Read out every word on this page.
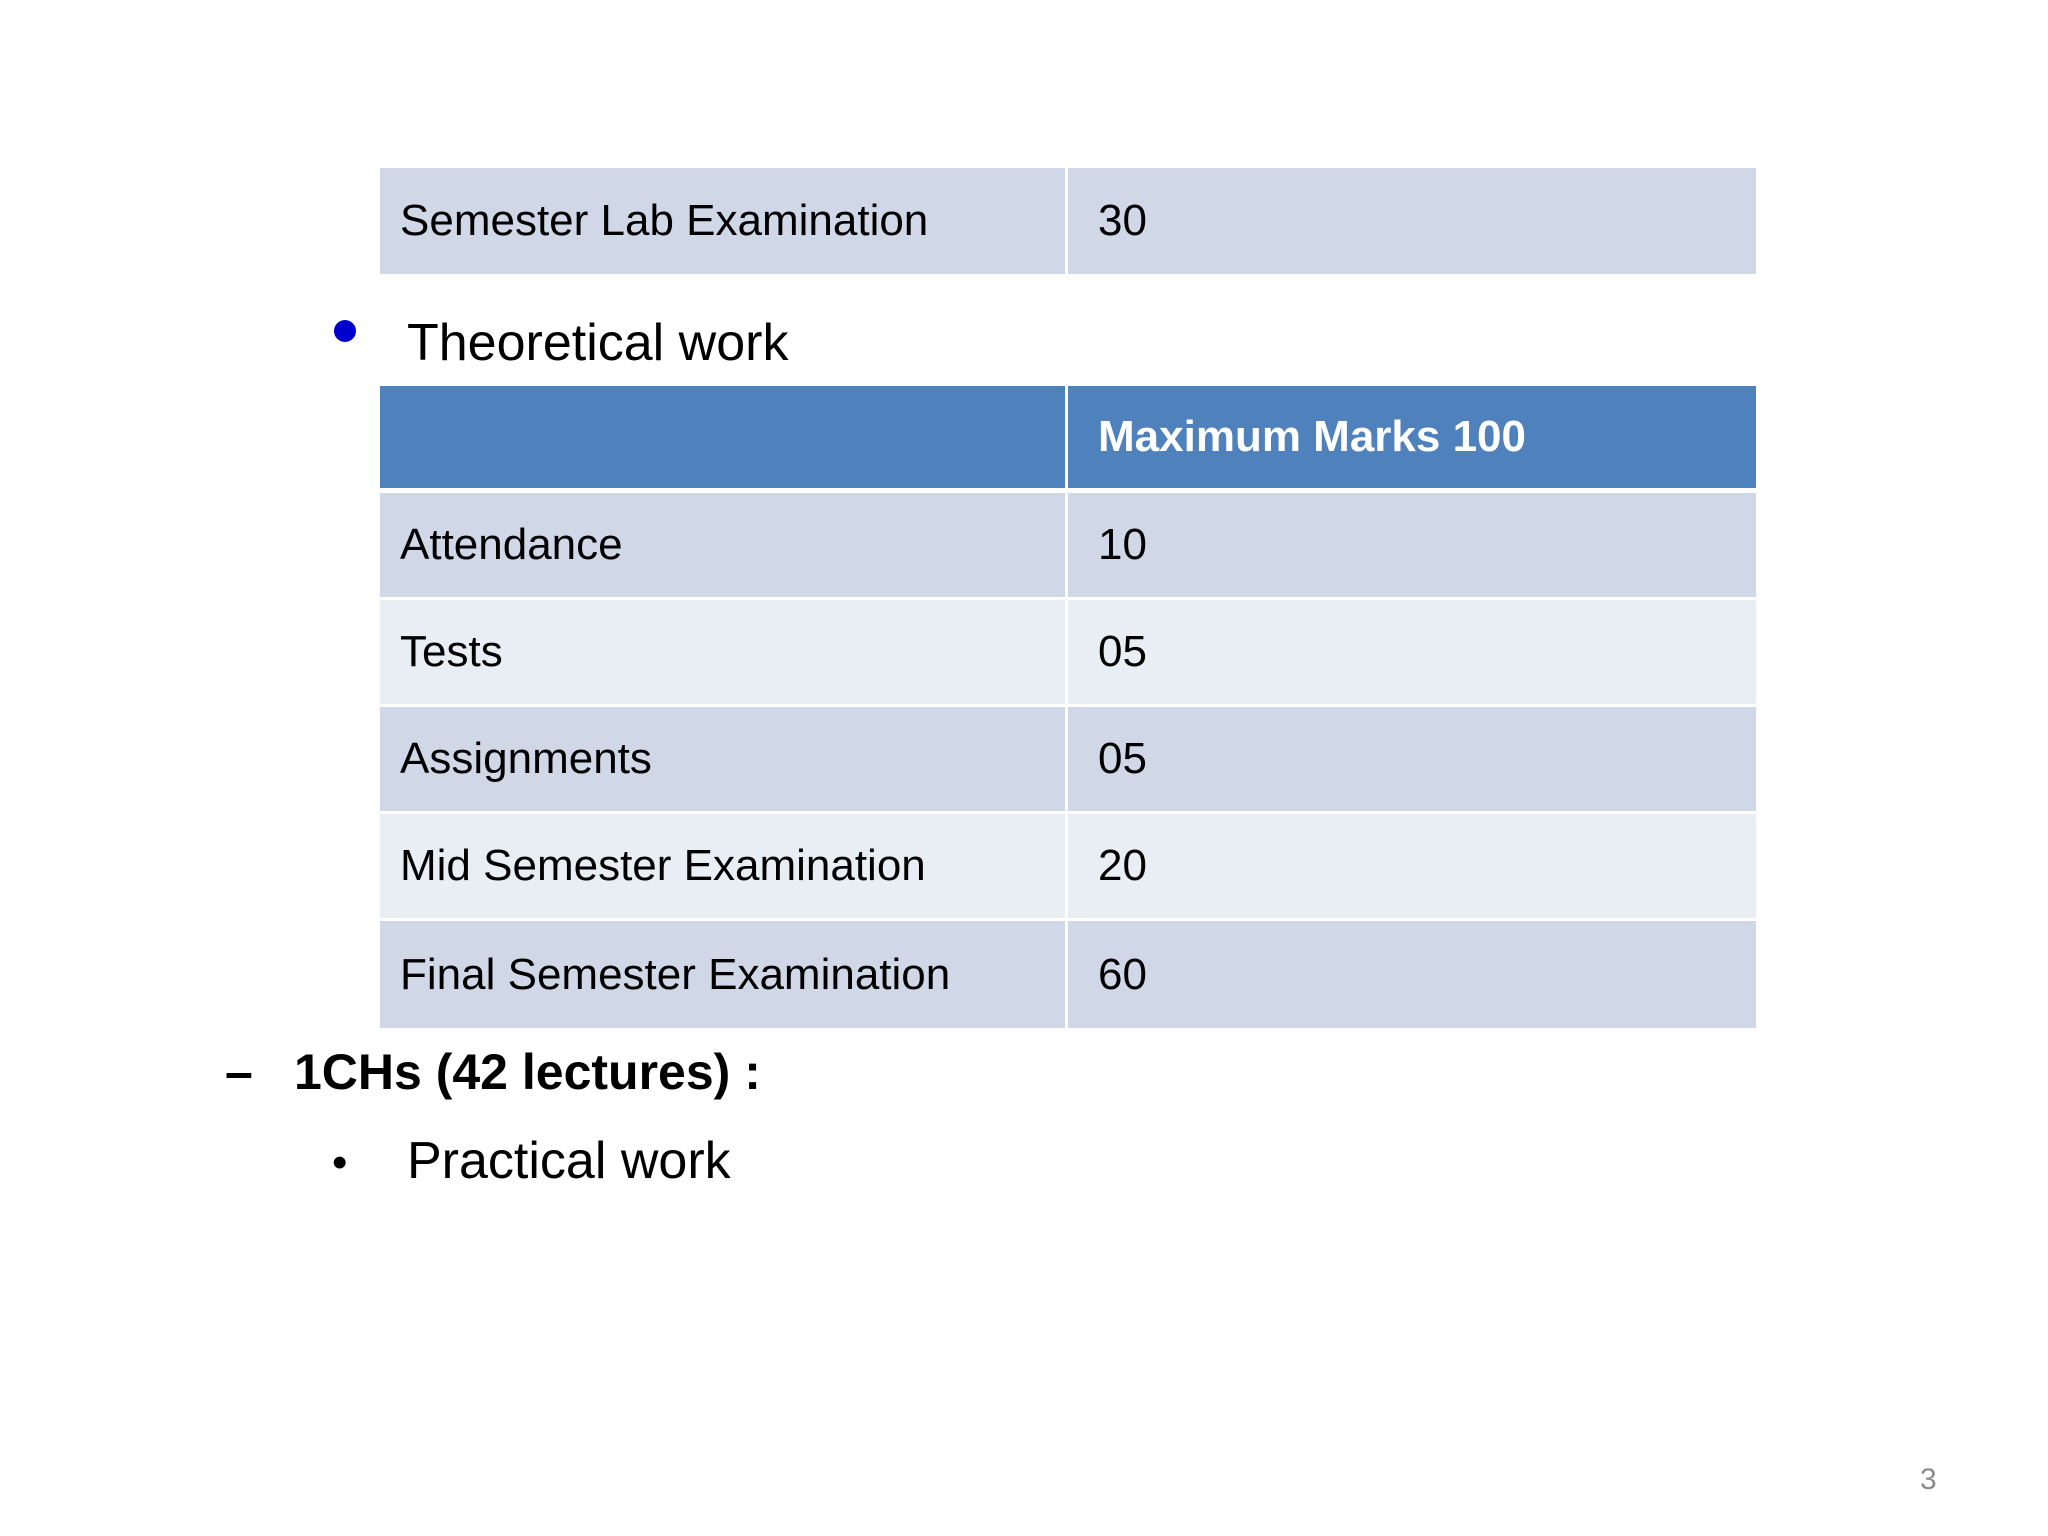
Semester Lab Examination	30
Theoretical work
	Maximum Marks 100
Attendance	10
Tests	05
Assignments	05
Mid Semester Examination	20
Final Semester Examination	60
– 1CHs (42 lectures) :
• Practical work
3
